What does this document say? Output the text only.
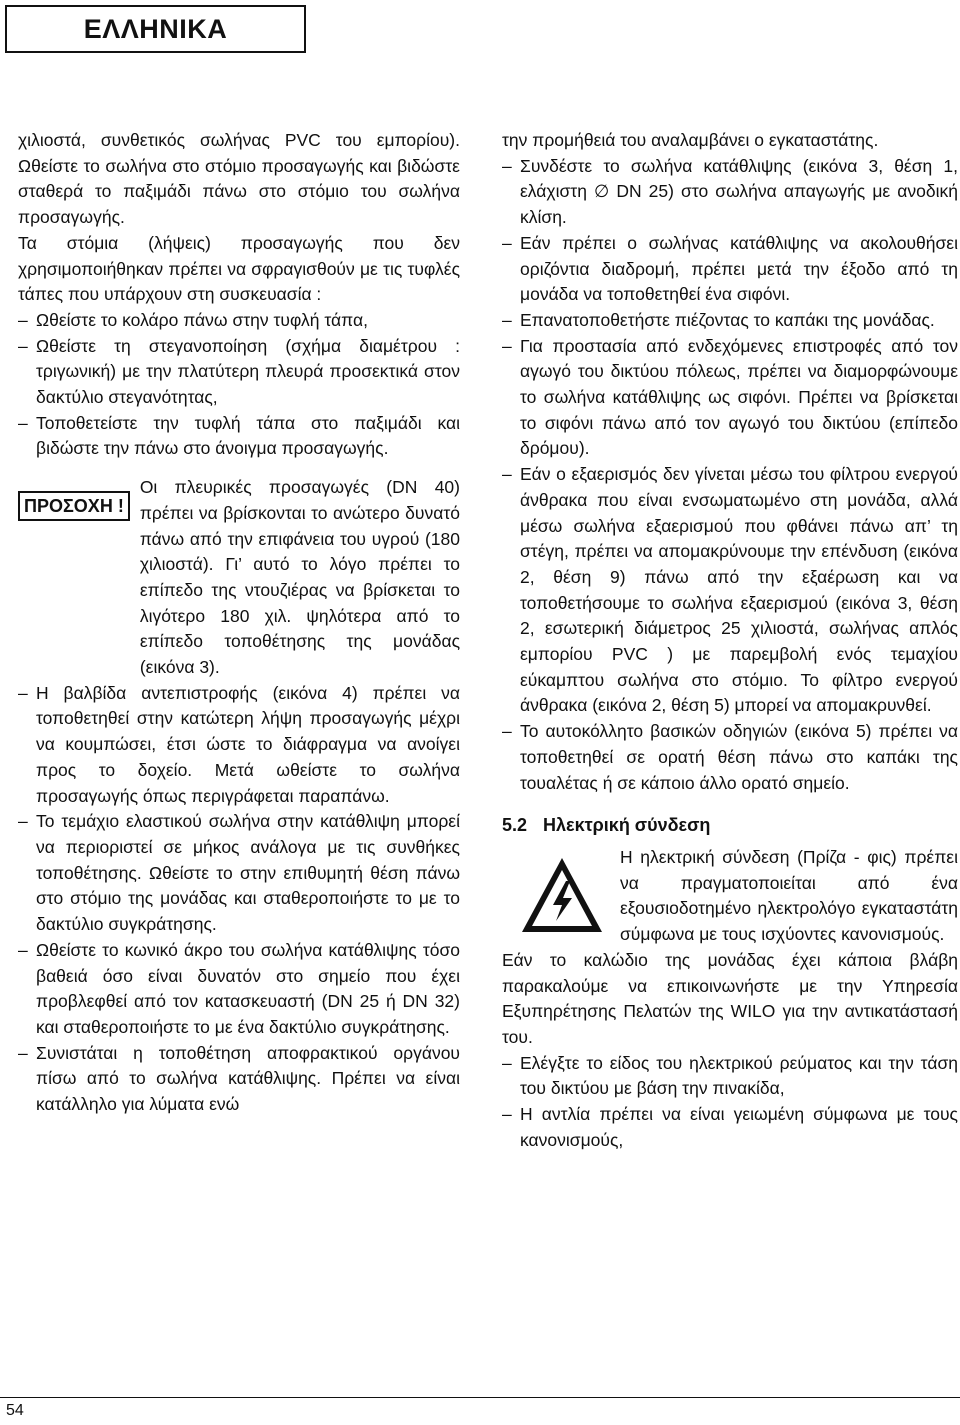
ΕΛΛΗΝΙΚΑ

χιλιοστά, συνθετικός σωλήνας PVC του εμπορίου). Ωθείστε το σωλήνα στο στόμιο προσαγωγής και βιδώστε σταθερά το παξιμάδι πάνω στο στόμιο του σωλήνα προσαγωγής.

Τα στόμια (λήψεις) προσαγωγής που δεν χρησιμοποιήθηκαν πρέπει να σφραγισθούν με τις τυφλές τάπες που υπάρχουν στη συσκευασία :

– Ωθείστε το κολάρο πάνω στην τυφλή τάπα,

– Ωθείστε τη στεγανοποίηση (σχήμα διαμέτρου : τριγωνική) με την πλατύτερη πλευρά προσεκτικά στον δακτύλιο στεγανότητας,

– Τοποθετείστε την τυφλή τάπα στο παξιμάδι και βιδώστε την πάνω στο άνοιγμα προσαγωγής.

ΠΡΟΣΟΧΗ !

Οι πλευρικές προσαγωγές (DN 40) πρέπει να βρίσκονται το ανώτερο δυνατό πάνω από την επιφάνεια του υγρού (180 χιλιοστά). Γι’ αυτό το λόγο πρέπει το επίπεδο της ντουζιέρας να βρίσκεται το λιγότερο 180 χιλ. ψηλότερα από το επίπεδο τοποθέτησης της μονάδας (εικόνα 3).

– Η βαλβίδα αντεπιστροφής (εικόνα 4) πρέπει να τοποθετηθεί στην κατώτερη λήψη προσαγωγής μέχρι να κουμπώσει, έτσι ώστε το διάφραγμα να ανοίγει προς το δοχείο. Μετά ωθείστε το σωλήνα προσαγωγής όπως περιγράφεται παραπάνω.

– Το τεμάχιο ελαστικού σωλήνα στην κατάθλιψη μπορεί να περιοριστεί σε μήκος ανάλογα με τις συνθήκες τοποθέτησης. Ωθείστε το στην επιθυμητή θέση πάνω στο στόμιο της μονάδας και σταθεροποιήστε το με το δακτύλιο συγκράτησης.

– Ωθείστε το κωνικό άκρο του σωλήνα κατάθλιψης τόσο βαθειά όσο είναι δυνατόν στο σημείο που έχει προβλεφθεί από τον κατασκευαστή (DN 25 ή DN 32) και σταθεροποιήστε το με ένα δακτύλιο συγκράτησης.

– Συνιστάται η τοποθέτηση αποφρακτικού οργάνου πίσω από το σωλήνα κατάθλιψης. Πρέπει να είναι κατάλληλο για λύματα ενώ

την προμήθειά του αναλαμβάνει ο εγκαταστάτης.

– Συνδέστε το σωλήνα κατάθλιψης (εικόνα 3, θέση 1, ελάχιστη ∅ DN 25) στο σωλήνα απαγωγής με ανοδική κλίση.

– Εάν πρέπει ο σωλήνας κατάθλιψης να ακολουθήσει οριζόντια διαδρομή, πρέπει μετά την έξοδο από τη μονάδα να τοποθετηθεί ένα σιφόνι.

– Επανατοποθετήστε πιέζοντας το καπάκι της μονάδας.

– Για προστασία από ενδεχόμενες επιστροφές από τον αγωγό του δικτύου πόλεως, πρέπει να διαμορφώνουμε το σωλήνα κατάθλιψης ως σιφόνι. Πρέπει να βρίσκεται το σιφόνι πάνω από τον αγωγό του δικτύου (επίπεδο δρόμου).

– Εάν ο εξαερισμός δεν γίνεται μέσω του φίλτρου ενεργού άνθρακα που είναι ενσωματωμένο στη μονάδα, αλλά μέσω σωλήνα εξαερισμού που φθάνει πάνω απ’ τη στέγη, πρέπει να απομακρύνουμε την επένδυση (εικόνα 2, θέση 9) πάνω από την εξαέρωση και να τοποθετήσουμε το σωλήνα εξαερισμού (εικόνα 3, θέση 2, εσωτερική διάμετρος 25 χιλιοστά, σωλήνας απλός εμπορίου PVC ) με παρεμβολή ενός τεμαχίου εύκαμπτου σωλήνα στο στόμιο. Το φίλτρο ενεργού άνθρακα (εικόνα 2, θέση 5) μπορεί να απομακρυνθεί.

– Το αυτοκόλλητο βασικών οδηγιών (εικόνα 5) πρέπει να τοποθετηθεί σε ορατή θέση πάνω στο καπάκι της τουαλέτας ή σε κάποιο άλλο ορατό σημείο.

5.2 Ηλεκτρική σύνδεση

Η ηλεκτρική σύνδεση (Πρίζα - φις) πρέπει να πραγματοποιείται από ένα εξουσιοδοτημένο ηλεκτρολόγο εγκαταστάτη σύμφωνα με τους ισχύοντες κανονισμούς.

Εάν το καλώδιο της μονάδας έχει κάποια βλάβη παρακαλούμε να επικοινωνήστε με την Υπηρεσία Εξυπηρέτησης Πελατών της WILO για την αντικατάστασή του.

– Ελέγξτε το είδος του ηλεκτρικού ρεύματος και την τάση του δικτύου με βάση την πινακίδα,

– Η αντλία πρέπει να είναι γειωμένη σύμφωνα με τους κανονισμούς,

54
